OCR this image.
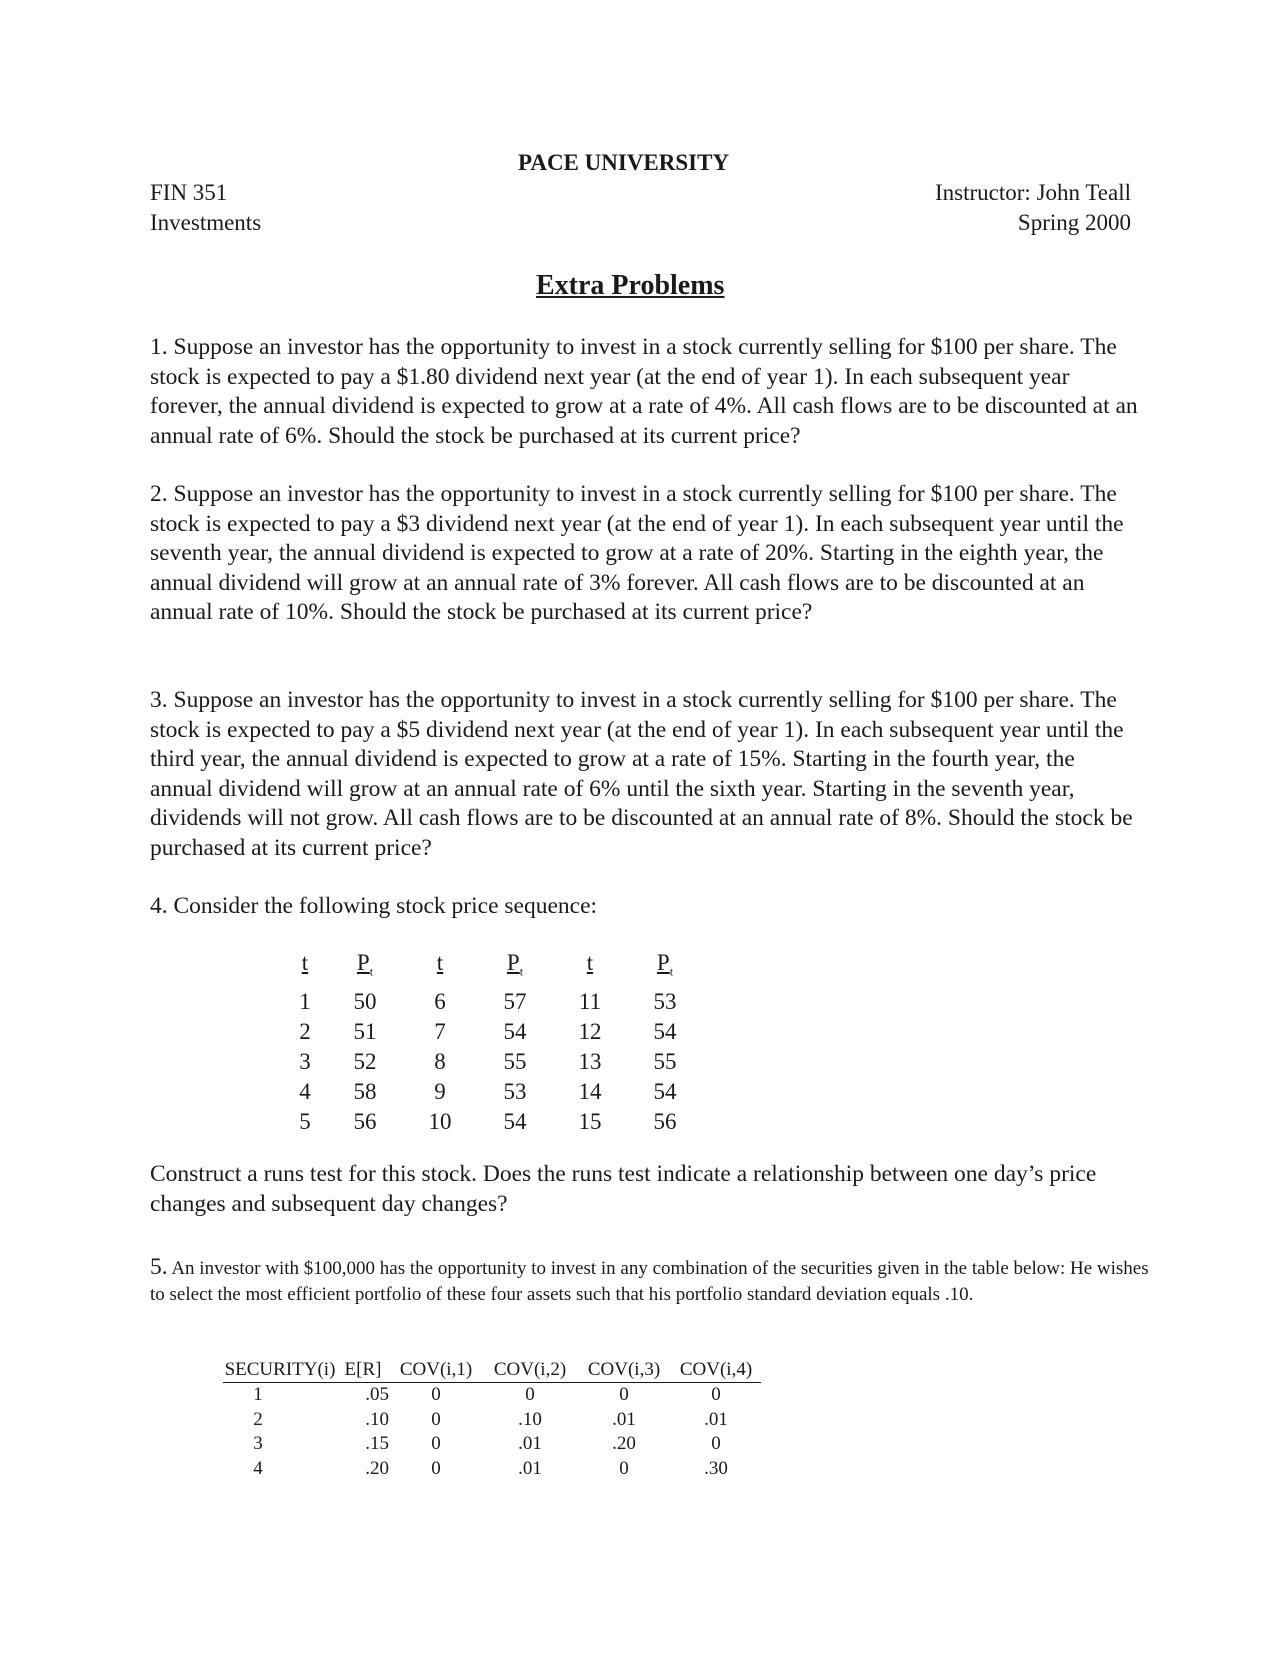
PACE UNIVERSITY
FIN 351
Investments
Instructor: John Teall
Spring 2000
Extra Problems

1. Suppose an investor has the opportunity to invest in a stock currently selling for $100 per share. The stock is expected to pay a $1.80 dividend next year (at the end of year 1). In each subsequent year forever, the annual dividend is expected to grow at a rate of 4%. All cash flows are to be discounted at an annual rate of 6%. Should the stock be purchased at its current price?

2. Suppose an investor has the opportunity to invest in a stock currently selling for $100 per share. The stock is expected to pay a $3 dividend next year (at the end of year 1). In each subsequent year until the seventh year, the annual dividend is expected to grow at a rate of 20%. Starting in the eighth year, the annual dividend will grow at an annual rate of 3% forever. All cash flows are to be discounted at an annual rate of 10%. Should the stock be purchased at its current price?

3. Suppose an investor has the opportunity to invest in a stock currently selling for $100 per share. The stock is expected to pay a $5 dividend next year (at the end of year 1). In each subsequent year until the third year, the annual dividend is expected to grow at a rate of 15%. Starting in the fourth year, the annual dividend will grow at an annual rate of 6% until the sixth year. Starting in the seventh year, dividends will not grow. All cash flows are to be discounted at an annual rate of 8%. Should the stock be purchased at its current price?

4. Consider the following stock price sequence:

t	$P_t$	t	$P_t$	t	$P_t$
1	50	6	57	11	53
2	51	7	54	12	54
3	52	8	55	13	55
4	58	9	53	14	54
5	56	10	54	15	56

Construct a runs test for this stock. Does the runs test indicate a relationship between one day’s price changes and subsequent day changes?

5. An investor with $100,000 has the opportunity to invest in any combination of the securities given in the table below: He wishes to select the most efficient portfolio of these four assets such that his portfolio standard deviation equals .10.

SECURITY(i)	E[R]	COV(i,1)	COV(i,2)	COV(i,3)	COV(i,4)
1	.05	0	0	0	0
2	.10	0	.10	.01	.01
3	.15	0	.01	.20	0
4	.20	0	.01	0	.30
